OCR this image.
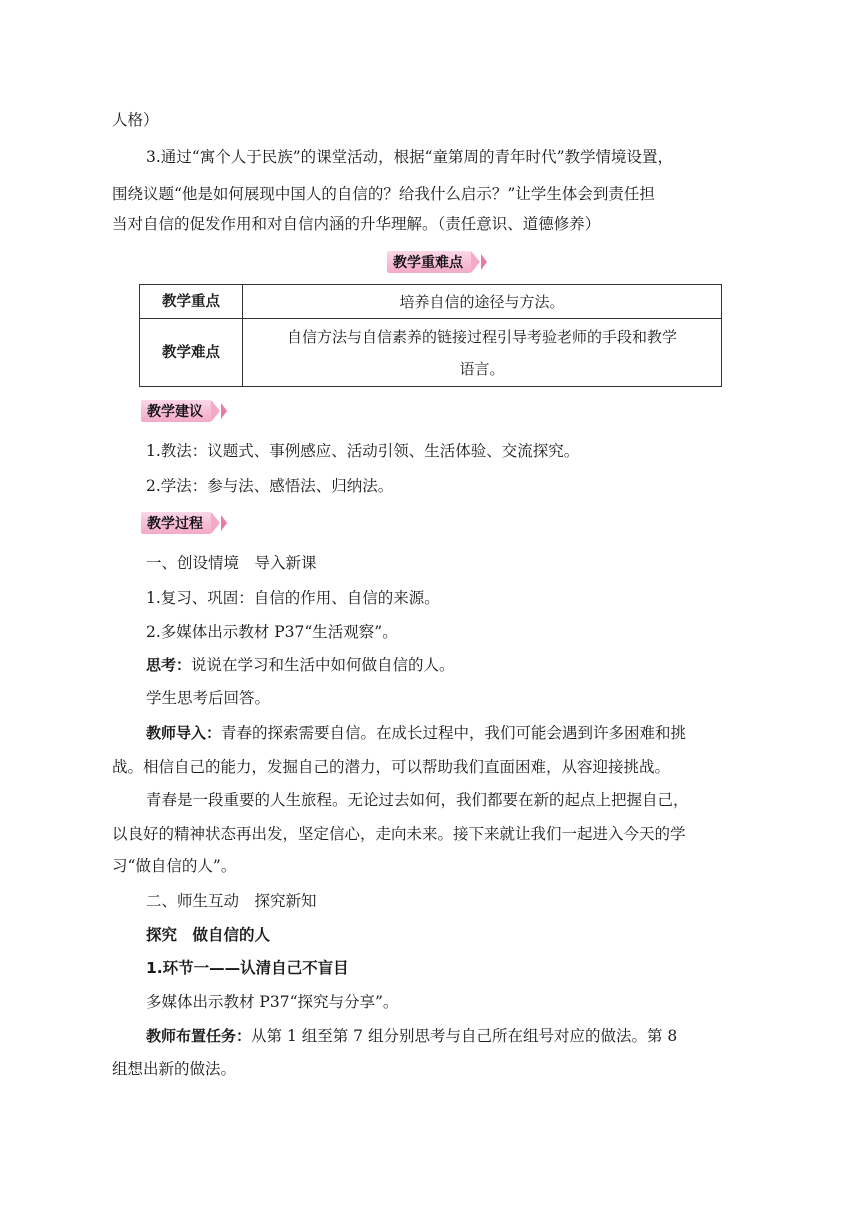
人格）

3.通过“寓个人于民族”的课堂活动，根据“童第周的青年时代”教学情境设置，

围绕议题“他是如何展现中国人的自信的？给我什么启示？”让学生体会到责任担

当对自信的促发作用和对自信内涵的升华理解。（责任意识、道德修养）

教学重难点
教学重点	培养自信的途径与方法。
教学难点	自信方法与自信素养的链接过程引导考验老师的手段和教学
语言。
教学建议

1.教法：议题式、事例感应、活动引领、生活体验、交流探究。

2.学法：参与法、感悟法、归纳法。

教学过程

一、创设情境　导入新课

1.复习、巩固：自信的作用、自信的来源。

2.多媒体出示教材 P37“生活观察”。

思考：说说在学习和生活中如何做自信的人。

学生思考后回答。

教师导入：青春的探索需要自信。在成长过程中，我们可能会遇到许多困难和挑

战。相信自己的能力，发掘自己的潜力，可以帮助我们直面困难，从容迎接挑战。

青春是一段重要的人生旅程。无论过去如何，我们都要在新的起点上把握自己，

以良好的精神状态再出发，坚定信心，走向未来。接下来就让我们一起进入今天的学

习“做自信的人”。

二、师生互动　探究新知

探究　做自信的人

1.环节一——认清自己不盲目

多媒体出示教材 P37“探究与分享”。

教师布置任务：从第 1 组至第 7 组分别思考与自己所在组号对应的做法。第 8

组想出新的做法。
